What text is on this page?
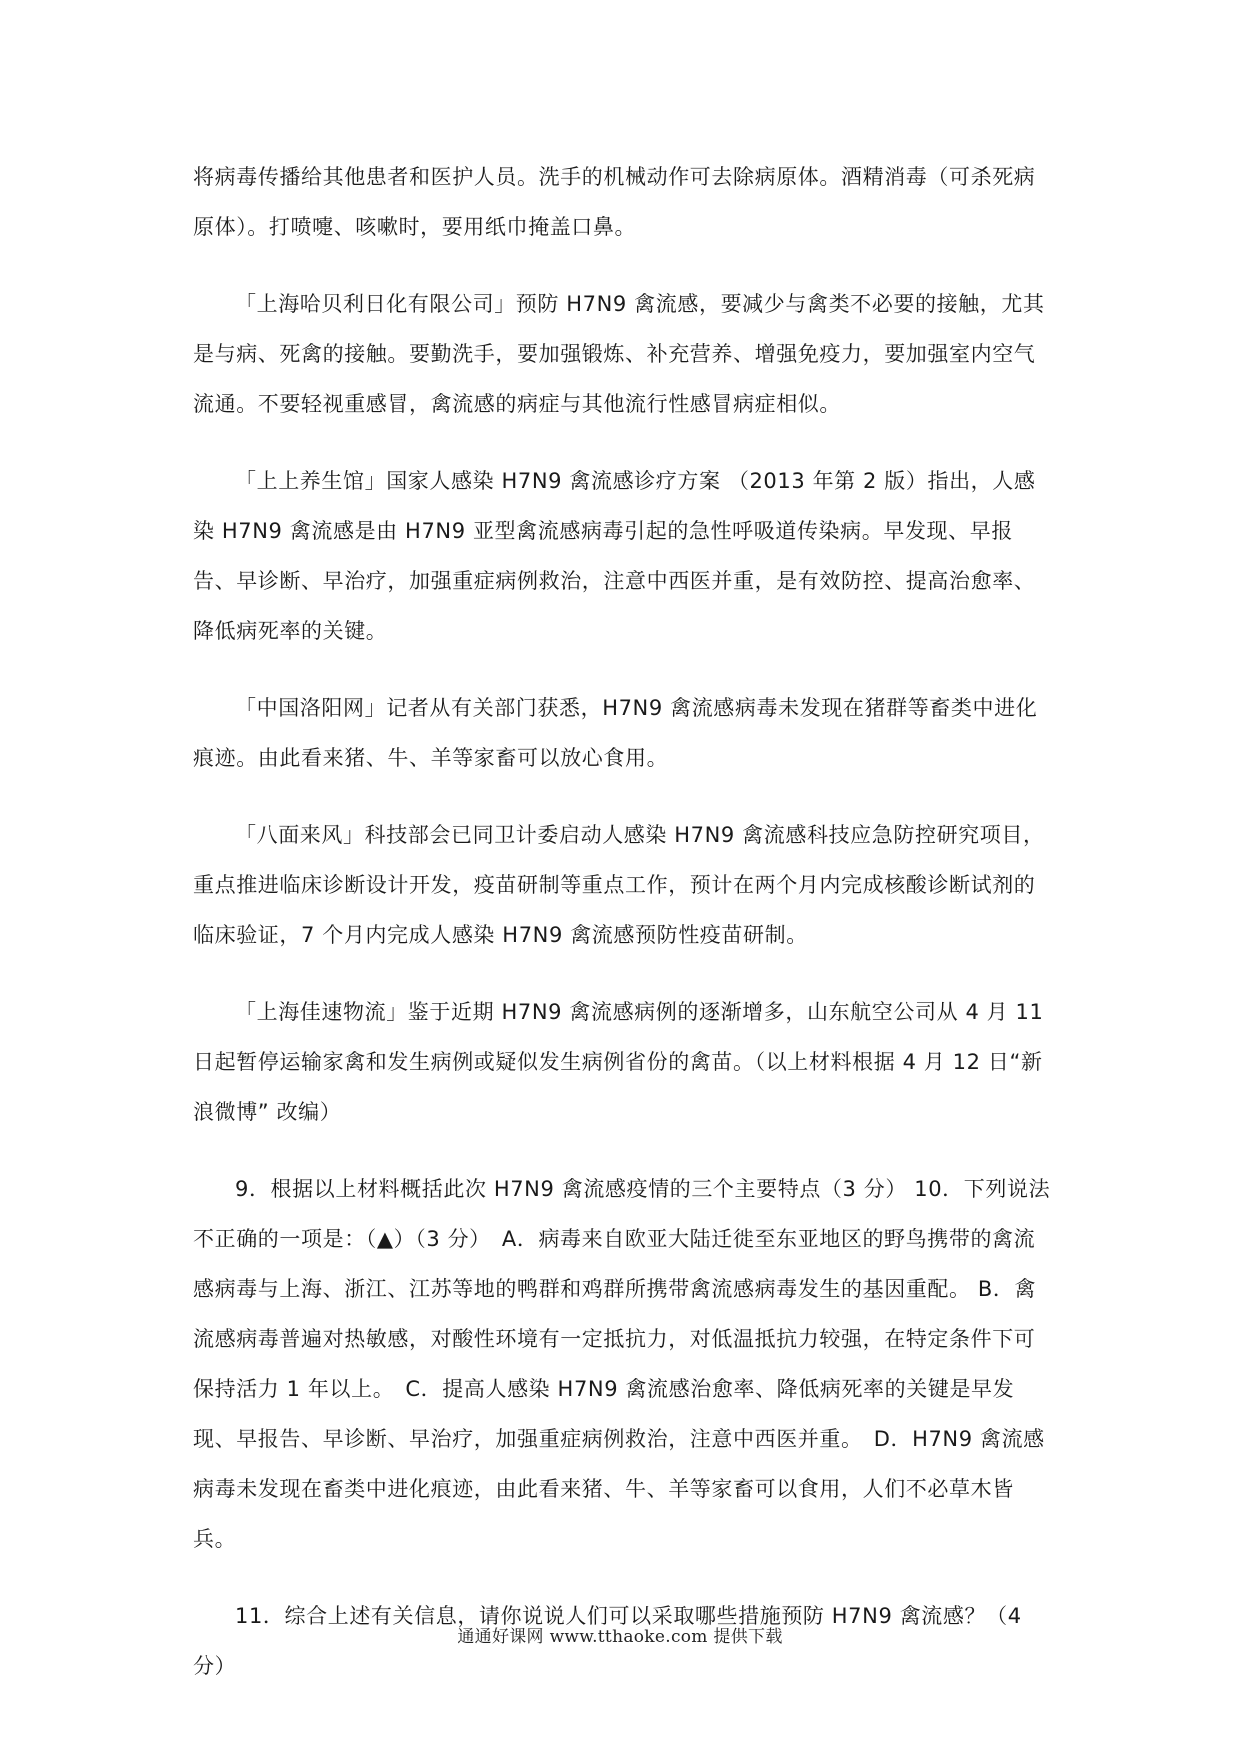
将病毒传播给其他患者和医护人员。洗手的机械动作可去除病原体。酒精消毒（可杀死病原体）。打喷嚏、咳嗽时，要用纸巾掩盖口鼻。

「上海哈贝利日化有限公司」预防 H7N9 禽流感，要减少与禽类不必要的接触，尤其是与病、死禽的接触。要勤洗手，要加强锻炼、补充营养、增强免疫力，要加强室内空气流通。不要轻视重感冒，禽流感的病症与其他流行性感冒病症相似。

「上上养生馆」国家人感染 H7N9 禽流感诊疗方案 （2013 年第 2 版）指出，人感染 H7N9 禽流感是由 H7N9 亚型禽流感病毒引起的急性呼吸道传染病。早发现、早报告、早诊断、早治疗，加强重症病例救治，注意中西医并重，是有效防控、提高治愈率、降低病死率的关键。

「中国洛阳网」记者从有关部门获悉，H7N9 禽流感病毒未发现在猪群等畜类中进化痕迹。由此看来猪、牛、羊等家畜可以放心食用。

「八面来风」科技部会已同卫计委启动人感染 H7N9 禽流感科技应急防控研究项目，重点推进临床诊断设计开发，疫苗研制等重点工作，预计在两个月内完成核酸诊断试剂的临床验证，7 个月内完成人感染 H7N9 禽流感预防性疫苗研制。

「上海佳速物流」鉴于近期 H7N9 禽流感病例的逐渐增多，山东航空公司从 4 月 11 日起暂停运输家禽和发生病例或疑似发生病例省份的禽苗。（以上材料根据 4 月 12 日“新浪微博” 改编）

9．根据以上材料概括此次 H7N9 禽流感疫情的三个主要特点（3 分） 10．下列说法不正确的一项是：（▲）（3 分）　A．病毒来自欧亚大陆迁徙至东亚地区的野鸟携带的禽流感病毒与上海、浙江、江苏等地的鸭群和鸡群所携带禽流感病毒发生的基因重配。 B．禽流感病毒普遍对热敏感，对酸性环境有一定抵抗力，对低温抵抗力较强，在特定条件下可保持活力 1 年以上。　C．提高人感染 H7N9 禽流感治愈率、降低病死率的关键是早发现、早报告、早诊断、早治疗，加强重症病例救治，注意中西医并重。　D．H7N9 禽流感病毒未发现在畜类中进化痕迹，由此看来猪、牛、羊等家畜可以食用，人们不必草木皆兵。

11．综合上述有关信息，请你说说人们可以采取哪些措施预防 H7N9 禽流感？（4 分）

通通好课网 www.tthaoke.com 提供下载
